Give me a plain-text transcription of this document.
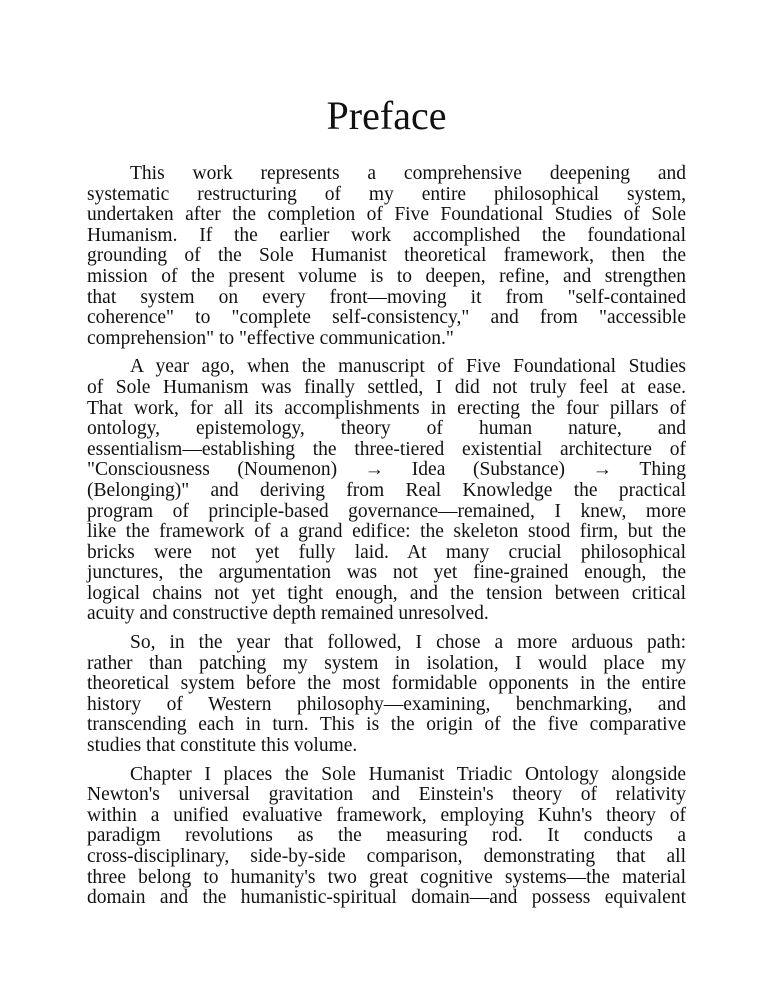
Preface
This work represents a comprehensive deepening and
systematic restructuring of my entire philosophical system,
undertaken after the completion of Five Foundational Studies of Sole
Humanism. If the earlier work accomplished the foundational
grounding of the Sole Humanist theoretical framework, then the
mission of the present volume is to deepen, refine, and strengthen
that system on every front—moving it from "self-contained
coherence" to "complete self-consistency," and from "accessible
comprehension" to "effective communication."
A year ago, when the manuscript of Five Foundational Studies
of Sole Humanism was finally settled, I did not truly feel at ease.
That work, for all its accomplishments in erecting the four pillars of
ontology, epistemology, theory of human nature, and
essentialism—establishing the three-tiered existential architecture of
"Consciousness (Noumenon) → Idea (Substance) → Thing
(Belonging)" and deriving from Real Knowledge the practical
program of principle-based governance—remained, I knew, more
like the framework of a grand edifice: the skeleton stood firm, but the
bricks were not yet fully laid. At many crucial philosophical
junctures, the argumentation was not yet fine-grained enough, the
logical chains not yet tight enough, and the tension between critical
acuity and constructive depth remained unresolved.
So, in the year that followed, I chose a more arduous path:
rather than patching my system in isolation, I would place my
theoretical system before the most formidable opponents in the entire
history of Western philosophy—examining, benchmarking, and
transcending each in turn. This is the origin of the five comparative
studies that constitute this volume.
Chapter I places the Sole Humanist Triadic Ontology alongside
Newton's universal gravitation and Einstein's theory of relativity
within a unified evaluative framework, employing Kuhn's theory of
paradigm revolutions as the measuring rod. It conducts a
cross-disciplinary, side-by-side comparison, demonstrating that all
three belong to humanity's two great cognitive systems—the material
domain and the humanistic-spiritual domain—and possess equivalent
